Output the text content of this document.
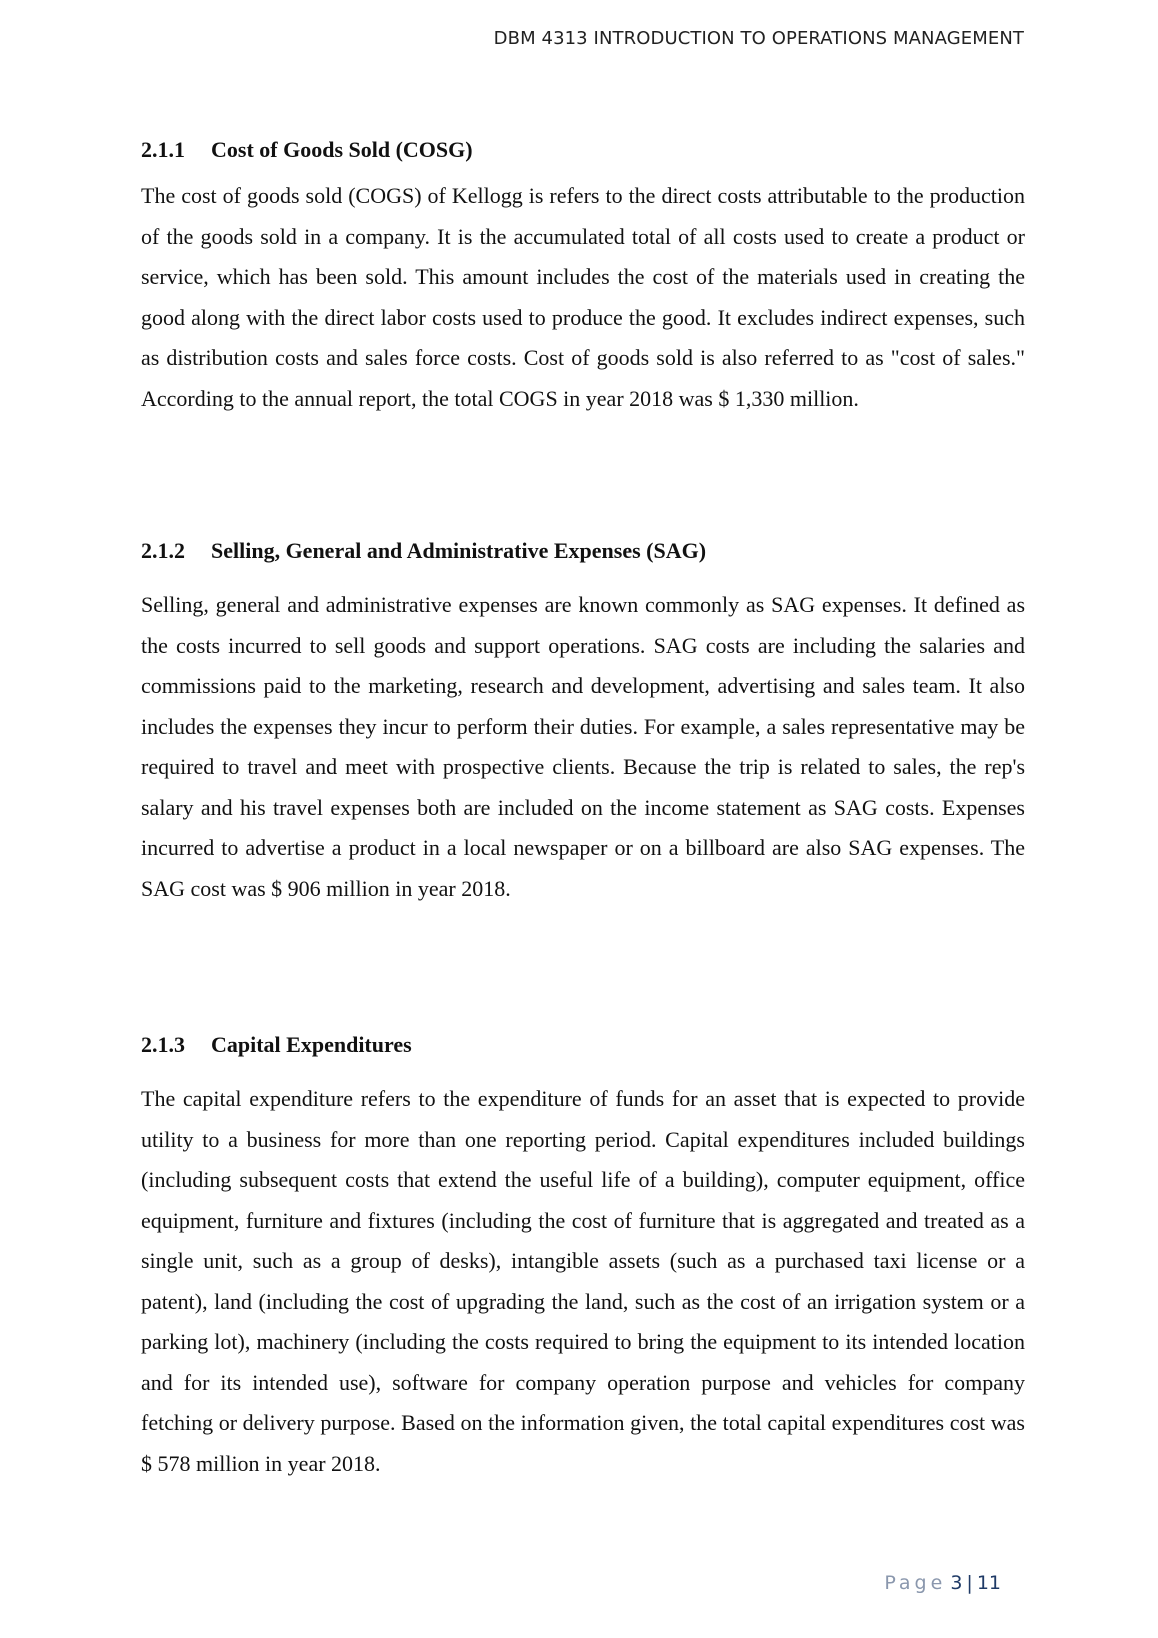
DBM 4313 INTRODUCTION TO OPERATIONS MANAGEMENT
2.1.1	Cost of Goods Sold (COSG)

The cost of goods sold (COGS) of Kellogg is refers to the direct costs attributable to the production of the goods sold in a company. It is the accumulated total of all costs used to create a product or service, which has been sold. This amount includes the cost of the materials used in creating the good along with the direct labor costs used to produce the good. It excludes indirect expenses, such as distribution costs and sales force costs. Cost of goods sold is also referred to as "cost of sales." According to the annual report, the total COGS in year 2018 was $ 1,330 million.

2.1.2	Selling, General and Administrative Expenses (SAG)

Selling, general and administrative expenses are known commonly as SAG expenses. It defined as the costs incurred to sell goods and support operations. SAG costs are including the salaries and commissions paid to the marketing, research and development, advertising and sales team. It also includes the expenses they incur to perform their duties. For example, a sales representative may be required to travel and meet with prospective clients. Because the trip is related to sales, the rep's salary and his travel expenses both are included on the income statement as SAG costs. Expenses incurred to advertise a product in a local newspaper or on a billboard are also SAG expenses. The SAG cost was $ 906 million in year 2018.

2.1.3	Capital Expenditures

The capital expenditure refers to the expenditure of funds for an asset that is expected to provide utility to a business for more than one reporting period. Capital expenditures included buildings (including subsequent costs that extend the useful life of a building), computer equipment, office equipment, furniture and fixtures (including the cost of furniture that is aggregated and treated as a single unit, such as a group of desks), intangible assets (such as a purchased taxi license or a patent), land (including the cost of upgrading the land, such as the cost of an irrigation system or a parking lot), machinery (including the costs required to bring the equipment to its intended location and for its intended use), software for company operation purpose and vehicles for company fetching or delivery purpose. Based on the information given, the total capital expenditures cost was $ 578 million in year 2018.

Page 3 | 11
